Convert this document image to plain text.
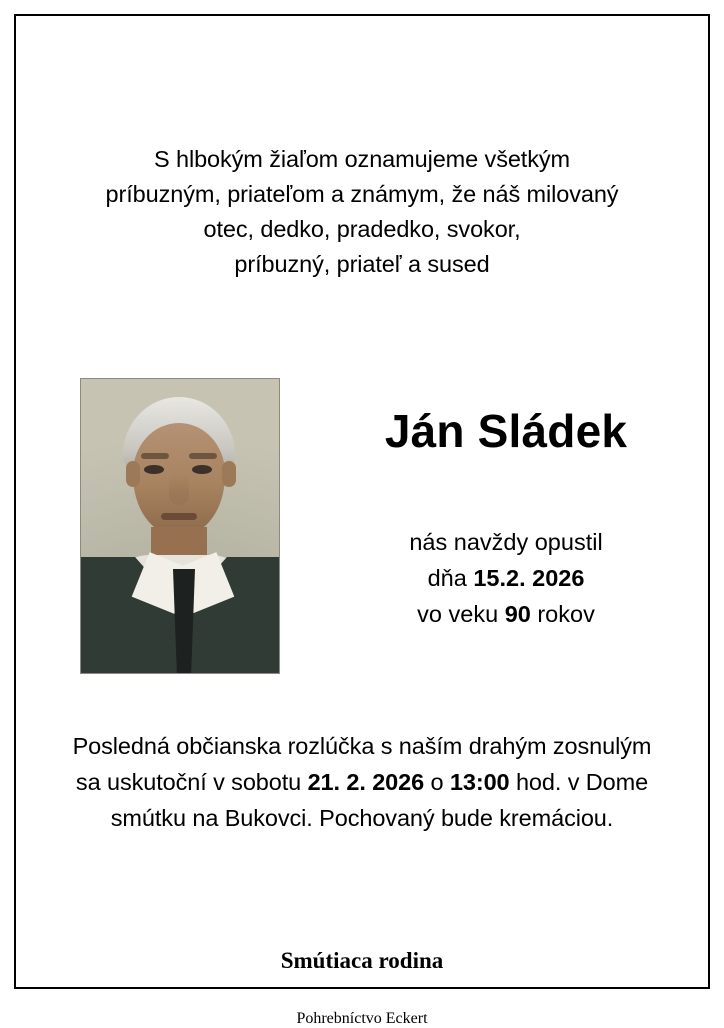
S hlbokým žiaľom oznamujeme všetkým
príbuzným, priateľom a známym, že náš milovaný
otec, dedko, pradedko, svokor,
príbuzný, priateľ a sused
Ján Sládek
nás navždy opustil
dňa 15.2. 2026
vo veku 90 rokov
Posledná občianska rozlúčka s naším drahým zosnulým
sa uskutoční v sobotu 21. 2. 2026 o 13:00 hod. v Dome
smútku na Bukovci. Pochovaný bude kremáciou.
Smútiaca rodina
Pohrebníctvo Eckert
